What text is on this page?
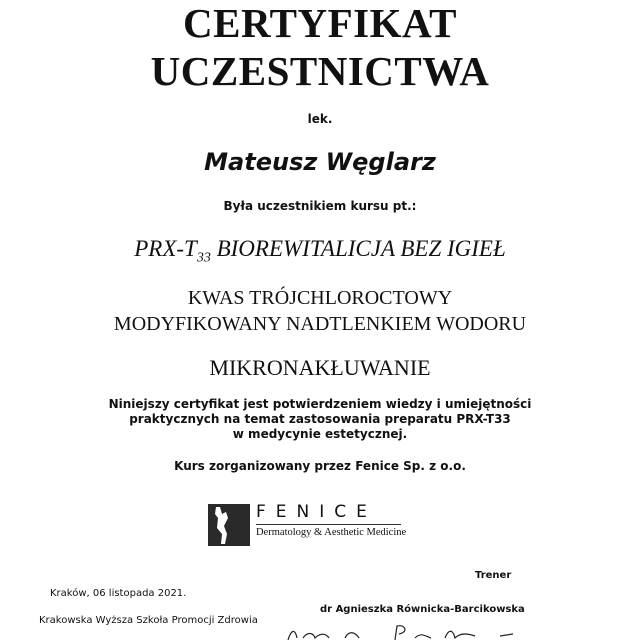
CERTYFIKAT
UCZESTNICTWA
lek.
Mateusz Węglarz
Była uczestnikiem kursu pt.:
PRX-$T_{33}$ BIOREWITALICJA BEZ IGIEŁ
KWAS TRÓJCHLOROCTOWY
MODYFIKOWANY NADTLENKIEM WODORU
MIKRONAKŁUWANIE
Niniejszy certyfikat jest potwierdzeniem wiedzy i umiejętności
praktycznych na temat zastosowania preparatu PRX-T33
w medycynie estetycznej.
Kurs zorganizowany przez Fenice Sp. z o.o.
FENICE
Dermatology & Aesthetic Medicine
Trener
Kraków, 06 listopada 2021.
dr Agnieszka Równicka-Barcikowska
Krakowska Wyższa Szkoła Promocji Zdrowia
